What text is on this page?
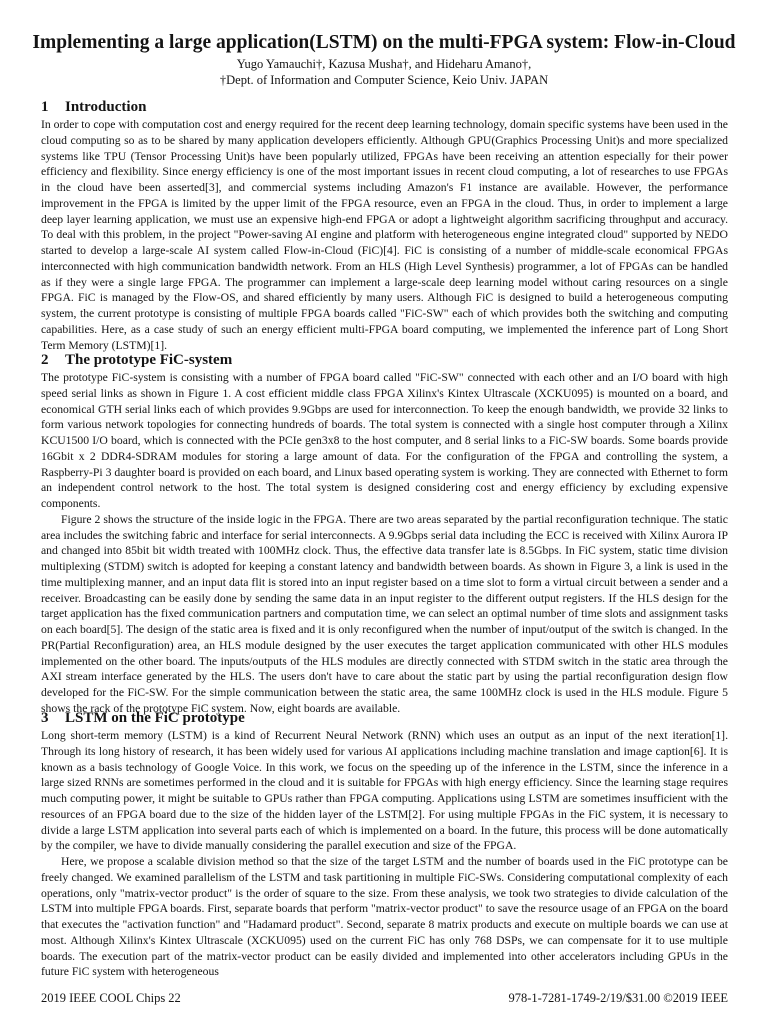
Implementing a large application(LSTM) on the multi-FPGA system: Flow-in-Cloud
Yugo Yamauchi†, Kazusa Musha†, and Hideharu Amano†,
†Dept. of Information and Computer Science, Keio Univ. JAPAN
1 Introduction

In order to cope with computation cost and energy required for the recent deep learning technology, domain specific systems have been used in the cloud computing so as to be shared by many application developers efficiently. Although GPU(Graphics Processing Unit)s and more specialized systems like TPU (Tensor Processing Unit)s have been popularly utilized, FPGAs have been receiving an attention especially for their power efficiency and flexibility. Since energy efficiency is one of the most important issues in recent cloud computing, a lot of researches to use FPGAs in the cloud have been asserted[3], and commercial systems including Amazon's F1 instance are available. However, the performance improvement in the FPGA is limited by the upper limit of the FPGA resource, even an FPGA in the cloud. Thus, in order to implement a large deep layer learning application, we must use an expensive high-end FPGA or adopt a lightweight algorithm sacrificing throughput and accuracy. To deal with this problem, in the project "Power-saving AI engine and platform with heterogeneous engine integrated cloud" supported by NEDO started to develop a large-scale AI system called Flow-in-Cloud (FiC)[4]. FiC is consisting of a number of middle-scale economical FPGAs interconnected with high communication bandwidth network. From an HLS (High Level Synthesis) programmer, a lot of FPGAs can be handled as if they were a single large FPGA. The programmer can implement a large-scale deep learning model without caring resources on a single FPGA. FiC is managed by the Flow-OS, and shared efficiently by many users. Although FiC is designed to build a heterogeneous computing system, the current prototype is consisting of multiple FPGA boards called "FiC-SW" each of which provides both the switching and computing capabilities. Here, as a case study of such an energy efficient multi-FPGA board computing, we implemented the inference part of Long Short Term Memory (LSTM)[1].

2 The prototype FiC-system

The prototype FiC-system is consisting with a number of FPGA board called "FiC-SW" connected with each other and an I/O board with high speed serial links as shown in Figure 1. A cost efficient middle class FPGA Xilinx's Kintex Ultrascale (XCKU095) is mounted on a board, and economical GTH serial links each of which provides 9.9Gbps are used for interconnection. To keep the enough bandwidth, we provide 32 links to form various network topologies for connecting hundreds of boards. The total system is connected with a single host computer through a Xilinx KCU1500 I/O board, which is connected with the PCIe gen3x8 to the host computer, and 8 serial links to a FiC-SW boards. Some boards provide 16Gbit x 2 DDR4-SDRAM modules for storing a large amount of data. For the configuration of the FPGA and controlling the system, a Raspberry-Pi 3 daughter board is provided on each board, and Linux based operating system is working. They are connected with Ethernet to form an independent control network to the host. The total system is designed considering cost and energy efficiency by excluding expensive components.

Figure 2 shows the structure of the inside logic in the FPGA. There are two areas separated by the partial reconfiguration technique. The static area includes the switching fabric and interface for serial interconnects. A 9.9Gbps serial data including the ECC is received with Xilinx Aurora IP and changed into 85bit bit width treated with 100MHz clock. Thus, the effective data transfer late is 8.5Gbps. In FiC system, static time division multiplexing (STDM) switch is adopted for keeping a constant latency and bandwidth between boards. As shown in Figure 3, a link is used in the time multiplexing manner, and an input data flit is stored into an input register based on a time slot to form a virtual circuit between a sender and a receiver. Broadcasting can be easily done by sending the same data in an input register to the different output registers. If the HLS design for the target application has the fixed communication partners and computation time, we can select an optimal number of time slots and assignment tasks on each board[5]. The design of the static area is fixed and it is only reconfigured when the number of input/output of the switch is changed. In the PR(Partial Reconfiguration) area, an HLS module designed by the user executes the target application communicated with other HLS modules implemented on the other board. The inputs/outputs of the HLS modules are directly connected with STDM switch in the static area through the AXI stream interface generated by the HLS. The users don't have to care about the static part by using the partial reconfiguration design flow developed for the FiC-SW. For the simple communication between the static area, the same 100MHz clock is used in the HLS module. Figure 5 shows the rack of the prototype FiC system. Now, eight boards are available.

3 LSTM on the FiC prototype

Long short-term memory (LSTM) is a kind of Recurrent Neural Network (RNN) which uses an output as an input of the next iteration[1]. Through its long history of research, it has been widely used for various AI applications including machine translation and image caption[6]. It is known as a basis technology of Google Voice. In this work, we focus on the speeding up of the inference in the LSTM, since the inference in a large sized RNNs are sometimes performed in the cloud and it is suitable for FPGAs with high energy efficiency. Since the learning stage requires much computing power, it might be suitable to GPUs rather than FPGA computing. Applications using LSTM are sometimes insufficient with the resources of an FPGA board due to the size of the hidden layer of the LSTM[2]. For using multiple FPGAs in the FiC system, it is necessary to divide a large LSTM application into several parts each of which is implemented on a board. In the future, this process will be done automatically by the compiler, we have to divide manually considering the parallel execution and size of the FPGA.

Here, we propose a scalable division method so that the size of the target LSTM and the number of boards used in the FiC prototype can be freely changed. We examined parallelism of the LSTM and task partitioning in multiple FiC-SWs. Considering computational complexity of each operations, only "matrix-vector product" is the order of square to the size. From these analysis, we took two strategies to divide calculation of the LSTM into multiple FPGA boards. First, separate boards that perform "matrix-vector product" to save the resource usage of an FPGA on the board that executes the "activation function" and "Hadamard product". Second, separate 8 matrix products and execute on multiple boards we can use at most. Although Xilinx's Kintex Ultrascale (XCKU095) used on the current FiC has only 768 DSPs, we can compensate for it to use multiple boards. The execution part of the matrix-vector product can be easily divided and implemented into other accelerators including GPUs in the future FiC system with heterogeneous

2019 IEEE COOL Chips 22	978-1-7281-1749-2/19/$31.00 ©2019 IEEE
